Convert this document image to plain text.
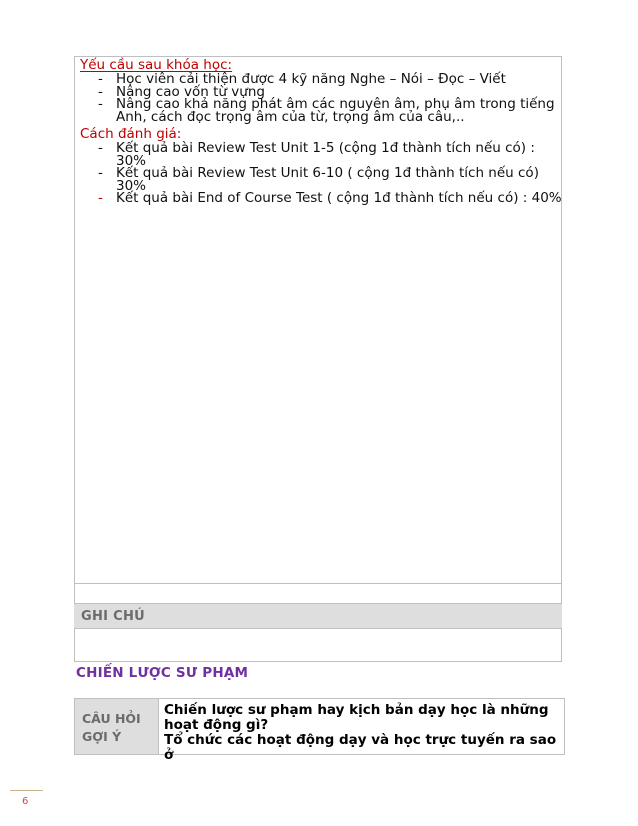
Yếu cầu sau khóa học:
- Học viên cải thiện được 4 kỹ năng Nghe – Nói – Đọc – Viết
- Nâng cao vốn từ vựng
- Nâng cao khả năng phát âm các nguyên âm, phụ âm trong tiếng Anh, cách đọc trọng âm của từ, trọng âm của câu,..
Cách đánh giá:
- Kết quả bài Review Test Unit 1-5 (cộng 1đ thành tích nếu có) : 30%
- Kết quả bài Review Test Unit 6-10 ( cộng 1đ thành tích nếu có) 30%
- Kết quả bài End of Course Test ( cộng 1đ thành tích nếu có) : 40%
GHI CHÚ
CHIẾN LƯỢC SƯ PHẠM
CÂU HỎI GỢI Ý
Chiến lược sư phạm hay kịch bản dạy học là những hoạt động gì?
Tổ chức các hoạt động dạy và học trực tuyến ra sao ở
6
